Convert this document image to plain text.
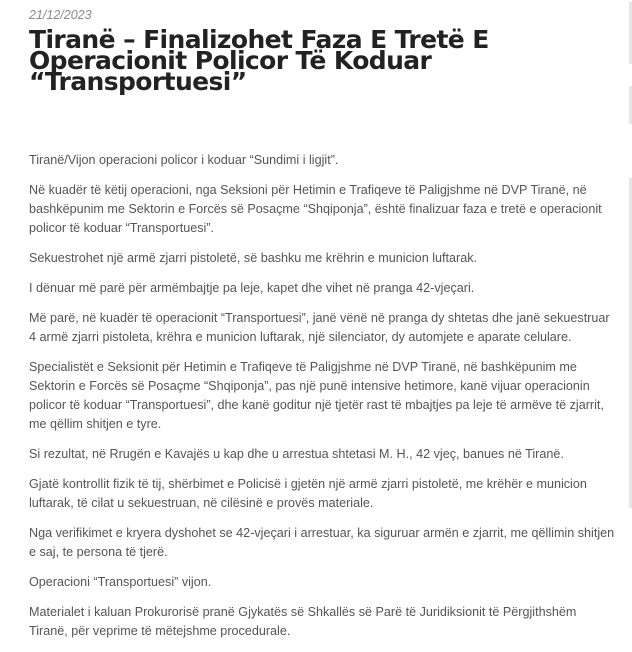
21/12/2023

Tiranë – Finalizohet Faza E Tretë E Operacionit Policor Të Koduar “Transportuesi”

Tiranë/Vijon operacioni policor i koduar “Sundimi i ligjit”.

Në kuadër të këtij operacioni, nga Seksioni për Hetimin e Trafiqeve të Paligjshme në DVP Tiranë, në bashkëpunim me Sektorin e Forcës së Posaçme “Shqiponja”, është finalizuar faza e tretë e operacionit policor të koduar “Transportuesi”.

Sekuestrohet një armë zjarri pistoletë, së bashku me krëhrin e municion luftarak.

I dënuar më parë për armëmbajtje pa leje, kapet dhe vihet në pranga 42-vjeçari.

Më parë, në kuadër të operacionit “Transportuesi”, janë vënë në pranga dy shtetas dhe janë sekuestruar 4 armë zjarri pistoleta, krëhra e municion luftarak, një silenciator, dy automjete e aparate celulare.

Specialistët e Seksionit për Hetimin e Trafiqeve të Paligjshme në DVP Tiranë, në bashkëpunim me Sektorin e Forcës së Posaçme “Shqiponja”, pas një punë intensive hetimore, kanë vijuar operacionin policor të koduar “Transportuesi”, dhe kanë goditur një tjetër rast të mbajtjes pa leje të armëve të zjarrit, me qëllim shitjen e tyre.

Si rezultat, në Rrugën e Kavajës u kap dhe u arrestua shtetasi M. H., 42 vjeç, banues në Tiranë.

Gjatë kontrollit fizik të tij, shërbimet e Policisë i gjetën një armë zjarri pistoletë, me krëhër e municion luftarak, të cilat u sekuestruan, në cilësinë e provës materiale.

Nga verifikimet e kryera dyshohet se 42-vjeçari i arrestuar, ka siguruar armën e zjarrit, me qëllimin shitjen e saj, te persona të tjerë.

Operacioni “Transportuesi” vijon.

Materialet i kaluan Prokurorisë pranë Gjykatës së Shkallës së Parë të Juridiksionit të Përgjithshëm Tiranë, për veprime të mëtejshme procedurale.
